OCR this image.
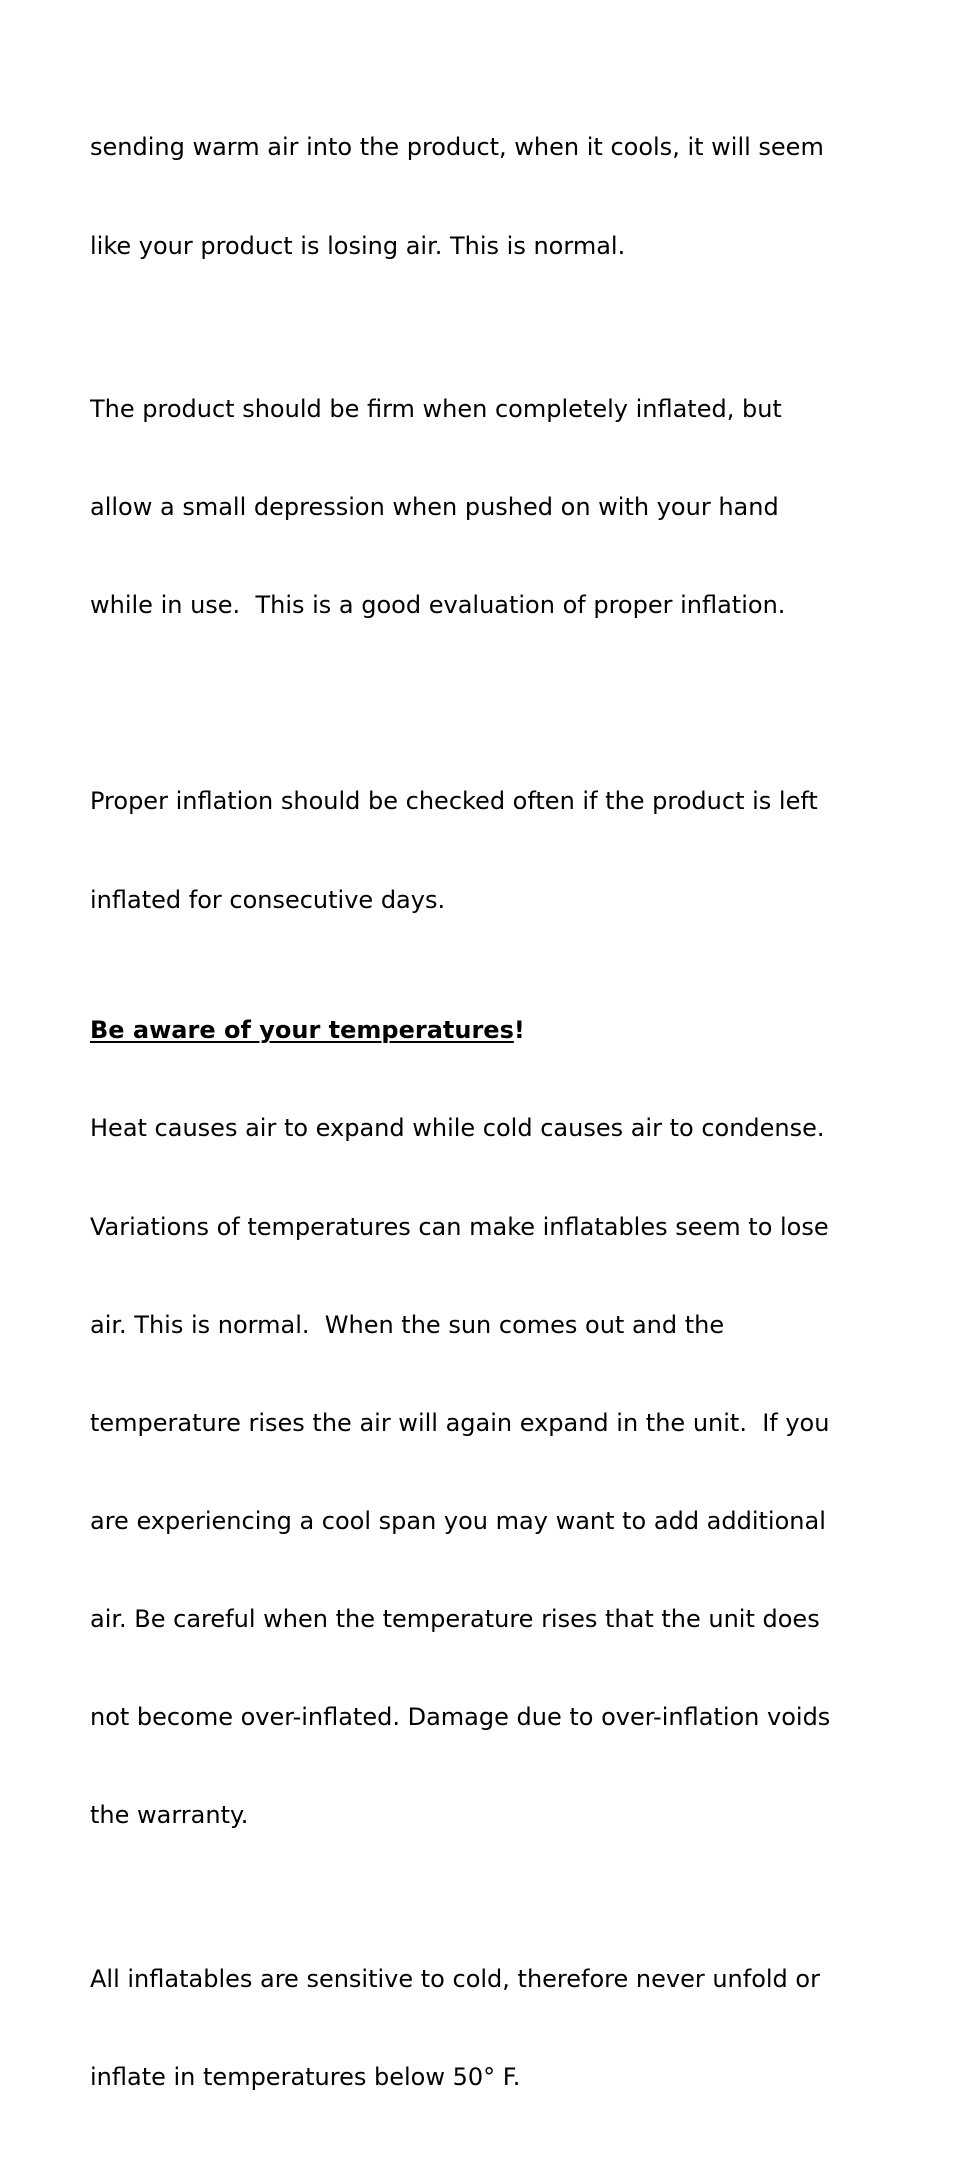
sending warm air into the product, when it cools, it will seem

like your product is losing air. This is normal.

The product should be firm when completely inflated, but

allow a small depression when pushed on with your hand

while in use.  This is a good evaluation of proper inflation.

Proper inflation should be checked often if the product is left

inflated for consecutive days.

Be aware of your temperatures!

Heat causes air to expand while cold causes air to condense.

Variations of temperatures can make inflatables seem to lose

air. This is normal.  When the sun comes out and the

temperature rises the air will again expand in the unit.  If you

are experiencing a cool span you may want to add additional

air. Be careful when the temperature rises that the unit does

not become over-inflated. Damage due to over-inflation voids

the warranty.

All inflatables are sensitive to cold, therefore never unfold or

inflate in temperatures below 50° F.
